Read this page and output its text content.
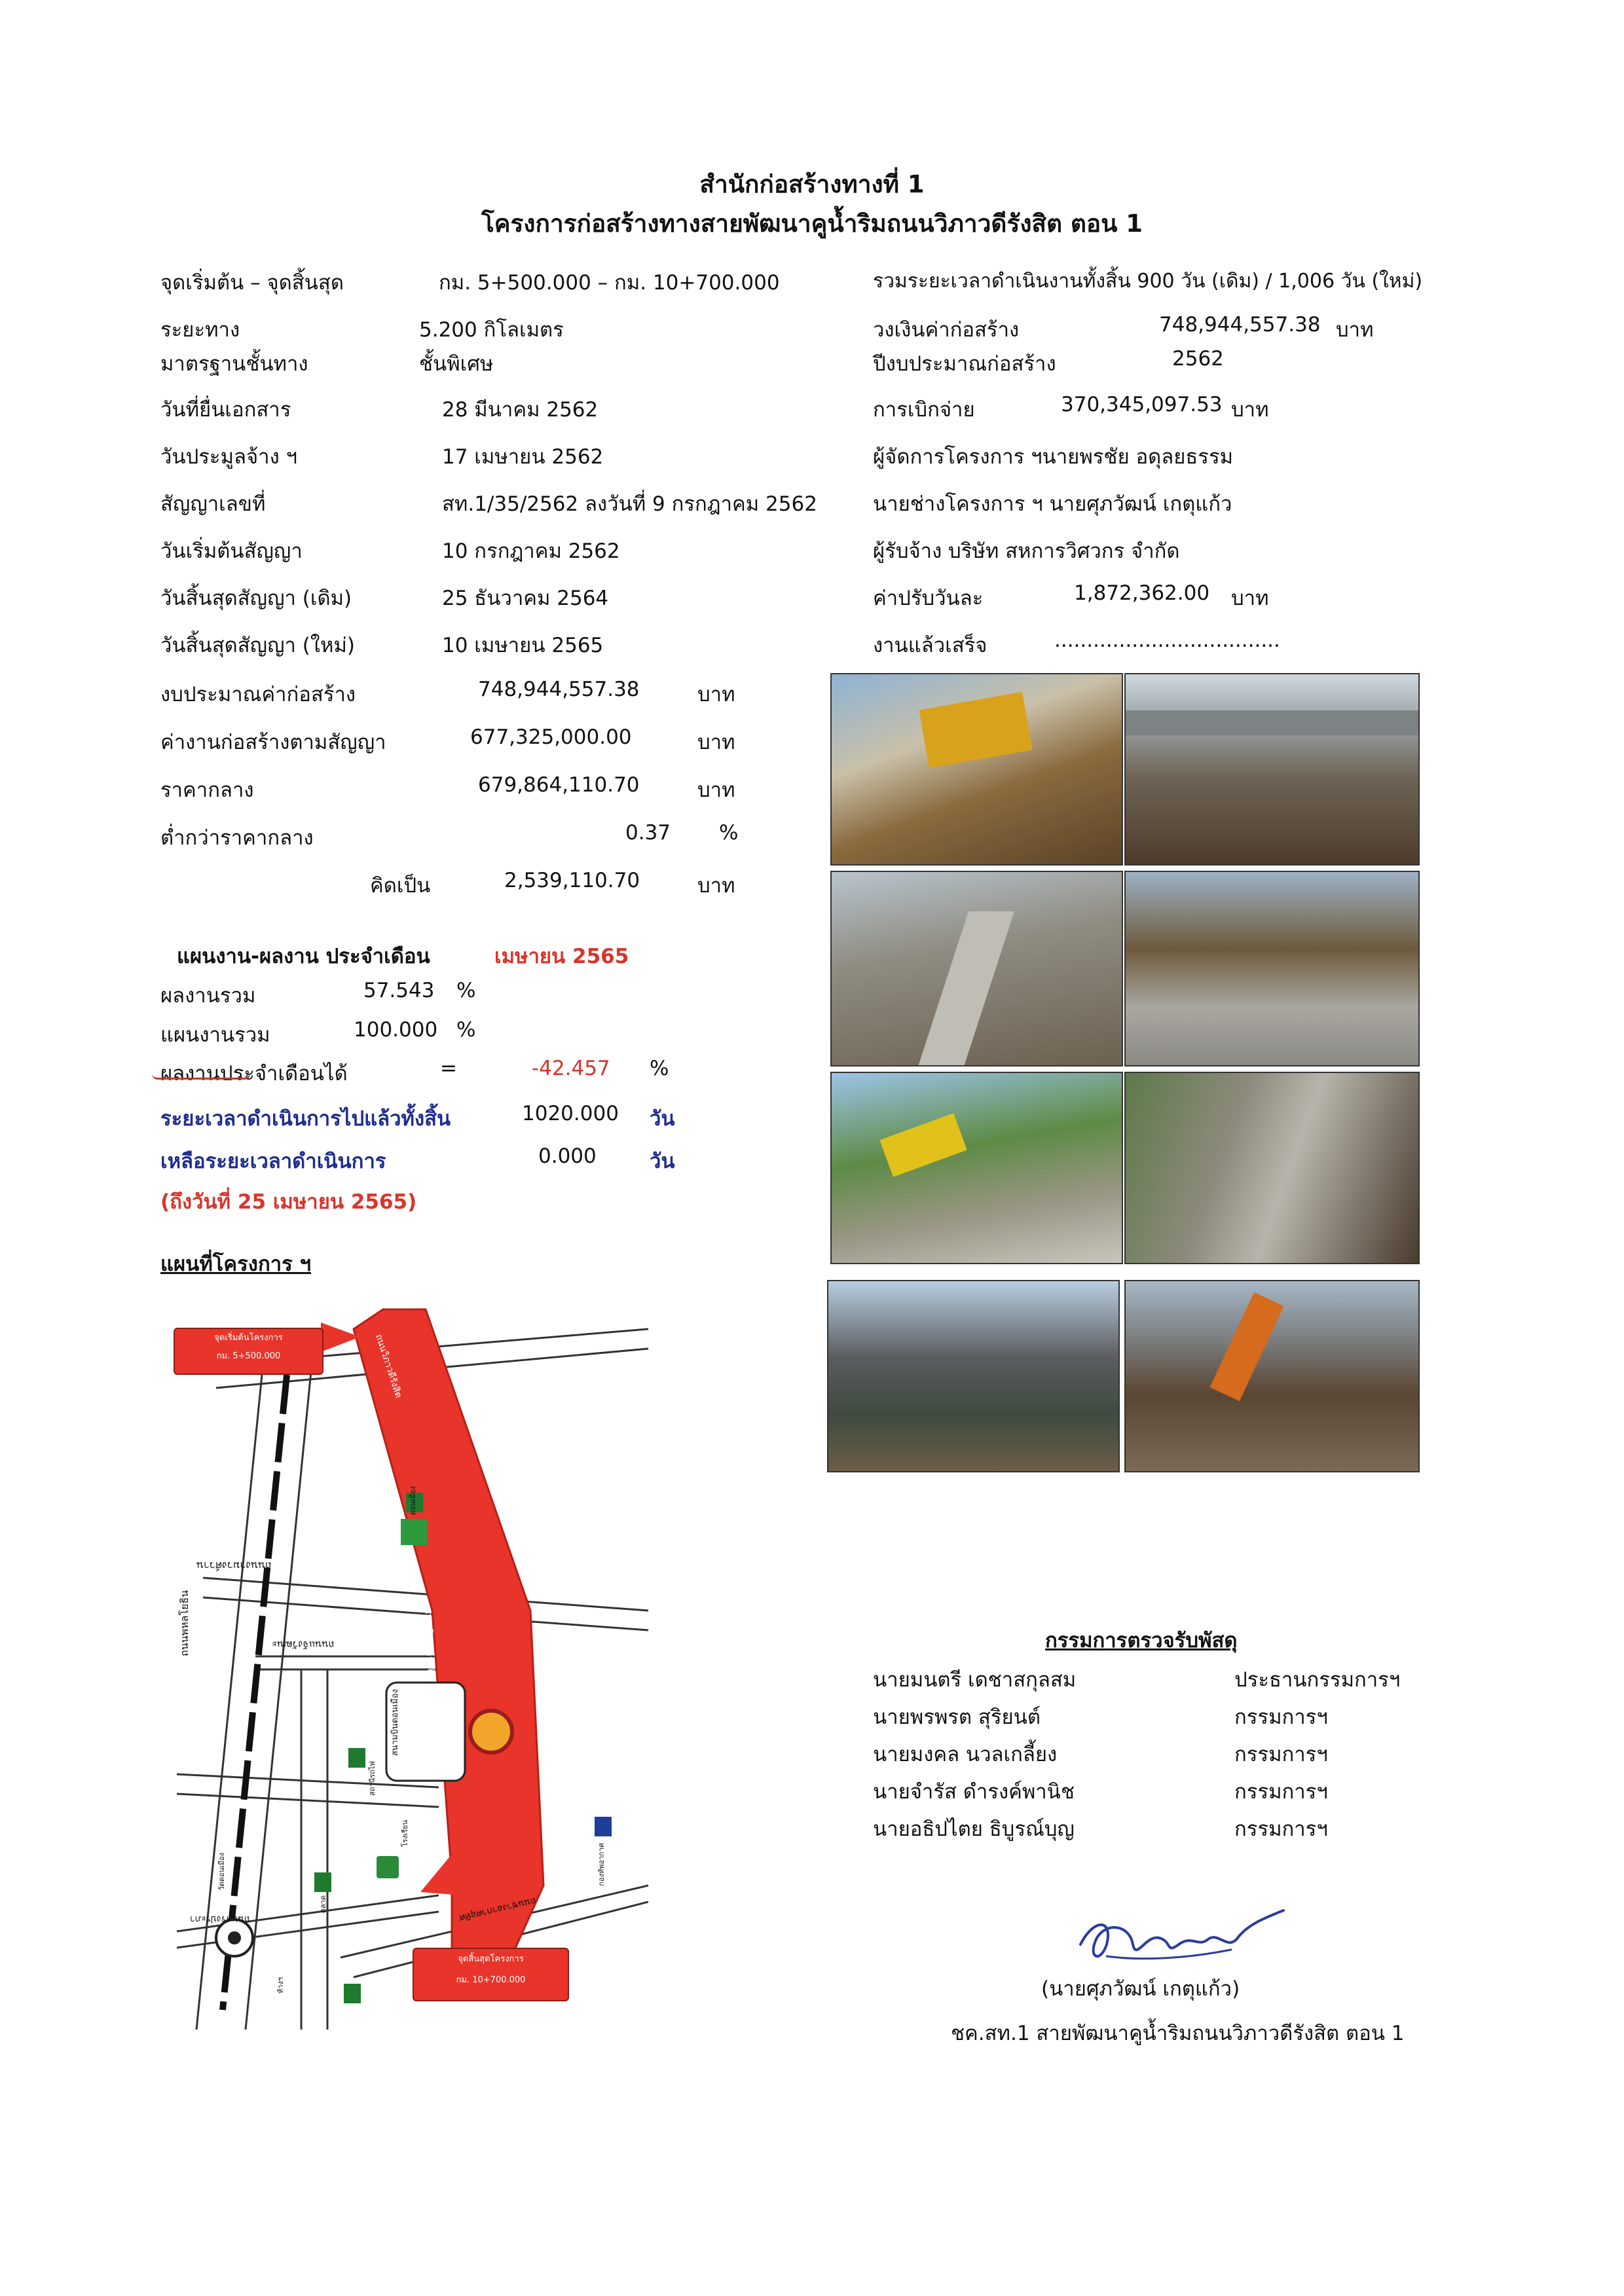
สำนักก่อสร้างทางที่ 1
โครงการก่อสร้างทางสายพัฒนาคูน้ำริมถนนวิภาวดีรังสิต ตอน 1
จุดเริ่มต้น – จุดสิ้นสุด	กม. 5+500.000 – กม. 10+700.000
ระยะทาง	5.200 กิโลเมตร
มาตรฐานชั้นทาง	ชั้นพิเศษ
วันที่ยื่นเอกสาร	28 มีนาคม 2562
วันประมูลจ้าง ฯ	17 เมษายน 2562
สัญญาเลขที่	สท.1/35/2562 ลงวันที่ 9 กรกฎาคม 2562
วันเริ่มต้นสัญญา	10 กรกฎาคม 2562
วันสิ้นสุดสัญญา (เดิม)	25 ธันวาคม 2564
วันสิ้นสุดสัญญา (ใหม่)	10 เมษายน 2565
รวมระยะเวลาดำเนินงานทั้งสิ้น 900 วัน (เดิม) / 1,006 วัน (ใหม่)
วงเงินค่าก่อสร้าง	748,944,557.38 บาท
ปีงบประมาณก่อสร้าง	2562
การเบิกจ่าย	370,345,097.53 บาท
ผู้จัดการโครงการ ฯนายพรชัย อดุลยธรรม
นายช่างโครงการ ฯ นายศุภวัฒน์ เกตุแก้ว
ผู้รับจ้าง บริษัท สหการวิศวกร จำกัด
ค่าปรับวันละ	1,872,362.00 บาท
งานแล้วเสร็จ	...................................
งบประมาณค่าก่อสร้าง	748,944,557.38	บาท
ค่างานก่อสร้างตามสัญญา	677,325,000.00	บาท
ราคากลาง	679,864,110.70	บาท
ต่ำกว่าราคากลาง	0.37 %
คิดเป็น	2,539,110.70	บาท
แผนงาน-ผลงาน ประจำเดือน	เมษายน 2565
ผลงานรวม	57.543 %
แผนงานรวม	100.000 %
ผลงานประจำเดือนได้	=	-42.457 %
ระยะเวลาดำเนินการไปแล้วทั้งสิ้น	1020.000 วัน
เหลือระยะเวลาดำเนินการ	0.000	วัน
(ถึงวันที่ 25 เมษายน 2565)
แผนที่โครงการ ฯ
จุดเริ่มต้นโครงการ
กม. 5+500.000
จุดสิ้นสุดโครงการ
กม. 10+700.000
ถนนวิภาวดีรังสิต
ถนนวิภาวดีรังสิต
ถนนพหลโยธิน
ถนนงามวงศ์วาน
ถนนแจ้งวัฒนะ
ถนนสรงประภา	ถนนช่างอากาศอุทิศ
สนามบินดอนเมือง
ดอนเมือง
กองทัพอากาศ
สถานีรถไฟ
วัดดอนเมือง
ตลาด
โรงเรียน
ห้างฯ
กรรมการตรวจรับพัสดุ
นายมนตรี เดชาสกุลสม	ประธานกรรมการฯ
นายพรพรต สุริยนต์	กรรมการฯ
นายมงคล นวลเกลี้ยง	กรรมการฯ
นายจำรัส ดำรงค์พานิช	กรรมการฯ
นายอธิปไตย ธิบูรณ์บุญ	กรรมการฯ
(นายศุภวัฒน์ เกตุแก้ว)
ชค.สท.1 สายพัฒนาคูน้ำริมถนนวิภาวดีรังสิต ตอน 1
